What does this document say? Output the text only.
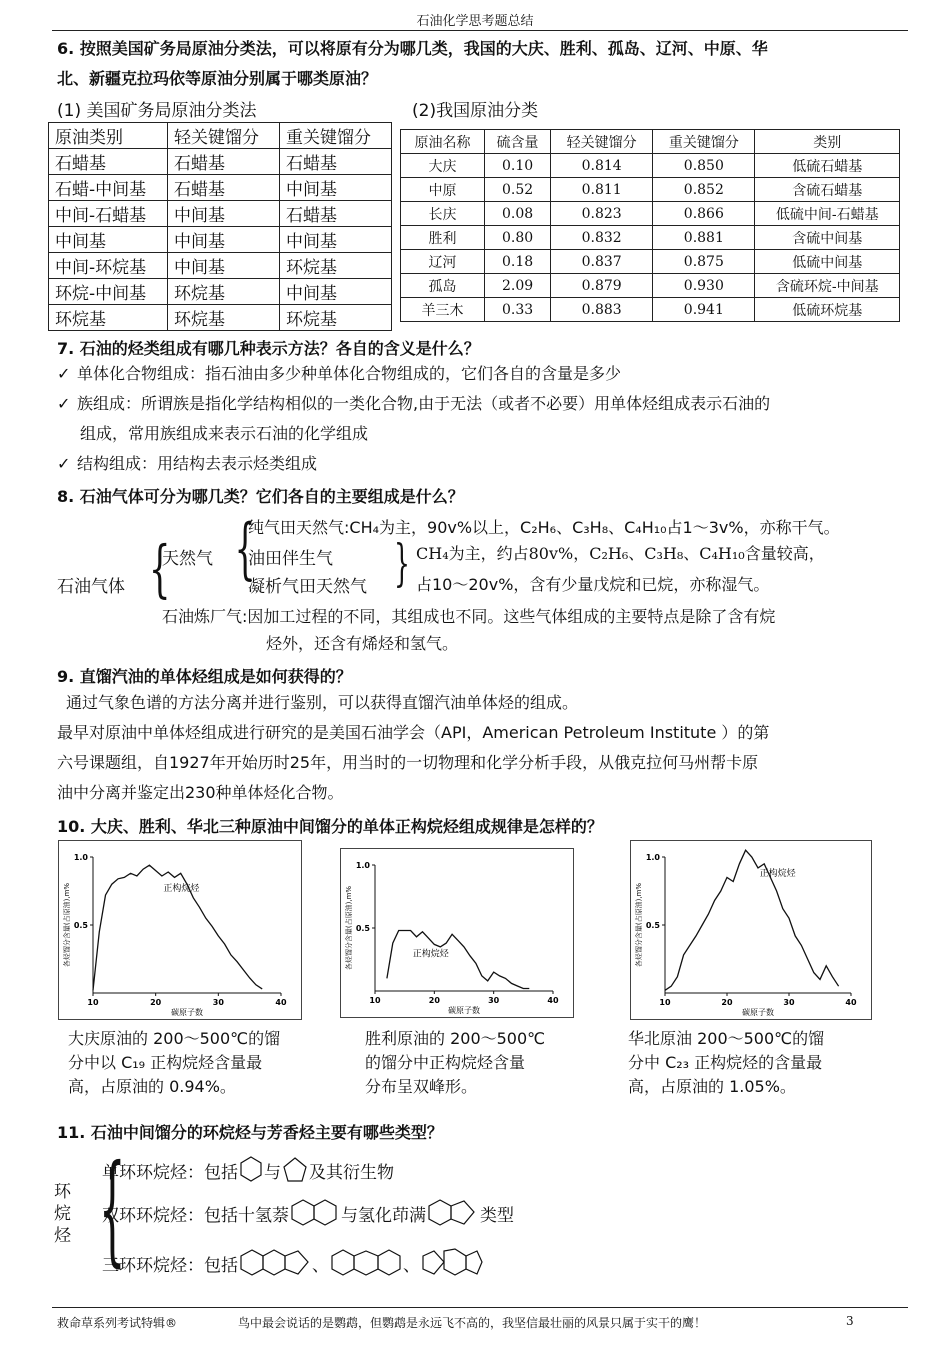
石油化学思考题总结
6. 按照美国矿务局原油分类法，可以将原有分为哪几类，我国的大庆、胜利、孤岛、辽河、中原、华
北、新疆克拉玛依等原油分别属于哪类原油？
(1) 美国矿务局原油分类法	(2)我国原油分类
原油类别	轻关键馏分	重关键馏分
石蜡基	石蜡基	石蜡基
石蜡-中间基	石蜡基	中间基
中间-石蜡基	中间基	石蜡基
中间基	中间基	中间基
中间-环烷基	中间基	环烷基
环烷-中间基	环烷基	中间基
环烷基	环烷基	环烷基
原油名称	硫含量	轻关键馏分	重关键馏分	类别
大庆	0.10	0.814	0.850	低硫石蜡基
中原	0.52	0.811	0.852	含硫石蜡基
长庆	0.08	0.823	0.866	低硫中间-石蜡基
胜利	0.80	0.832	0.881	含硫中间基
辽河	0.18	0.837	0.875	低硫中间基
孤岛	2.09	0.879	0.930	含硫环烷-中间基
羊三木	0.33	0.883	0.941	低硫环烷基
7. 石油的烃类组成有哪几种表示方法？各自的含义是什么？
✓ 单体化合物组成：指石油由多少种单体化合物组成的，它们各自的含量是多少
✓ 族组成：所谓族是指化学结构相似的一类化合物,由于无法（或者不必要）用单体烃组成表示石油的
组成，常用族组成来表示石油的化学组成
✓ 结构组成：用结构去表示烃类组成
8. 石油气体可分为哪几类？它们各自的主要组成是什么？
石油气体 {
天然气 {
纯气田天然气:CH₄为主，90v%以上，C₂H₆、C₃H₈、C₄H₁₀占1～3v%，亦称干气。
油田伴生气
凝析气田天然气 } CH₄为主，约占80v%，C₂H₆、C₃H₈、C₄H₁₀含量较高，
占10～20v%，含有少量戊烷和已烷，亦称湿气。
石油炼厂气:因加工过程的不同，其组成也不同。这些气体组成的主要特点是除了含有烷
烃外，还含有烯烃和氢气。
9. 直馏汽油的单体烃组成是如何获得的？
通过气象色谱的方法分离并进行鉴别，可以获得直馏汽油单体烃的组成。
最早对原油中单体烃组成进行研究的是美国石油学会（API，American Petroleum Institute ）的第
六号课题组，自1927年开始历时25年，用当时的一切物理和化学分析手段，从俄克拉何马州帮卡原
油中分离并鉴定出230种单体烃化合物。
10. 大庆、胜利、华北三种原油中间馏分的单体正构烷烃组成规律是怎样的？
10	20	30	40
0.5
1.0
碳原子数
各烃馏分含量(占原油),m%	正构烷烃
10	20	30	40
0.5
1.0
碳原子数
各烃馏分含量(占原油),m%	正构烷烃
10	20	30	40
0.5
1.0
碳原子数
各烃馏分含量(占原油),m%
正构烷烃
大庆原油的 200～500℃的馏
分中以 C₁₉ 正构烷烃含量最
高，占原油的 0.94%。
胜利原油的 200～500℃
的馏分中正构烷烃含量
分布呈双峰形。
华北原油 200～500℃的馏
分中 C₂₃ 正构烷烃的含量最
高，占原油的 1.05%。
11. 石油中间馏分的环烷烃与芳香烃主要有哪些类型？
环
烷
烃 {
单环环烷烃：包括 与 及其衍生物
双环环烷烃：包括十氢萘	与氢化茚满	类型
三环环烷烃：包括	、	、
救命草系列考试特辑®	鸟中最会说话的是鹦鹉，但鹦鹉是永远飞不高的，我坚信最壮丽的风景只属于实干的鹰！	3
